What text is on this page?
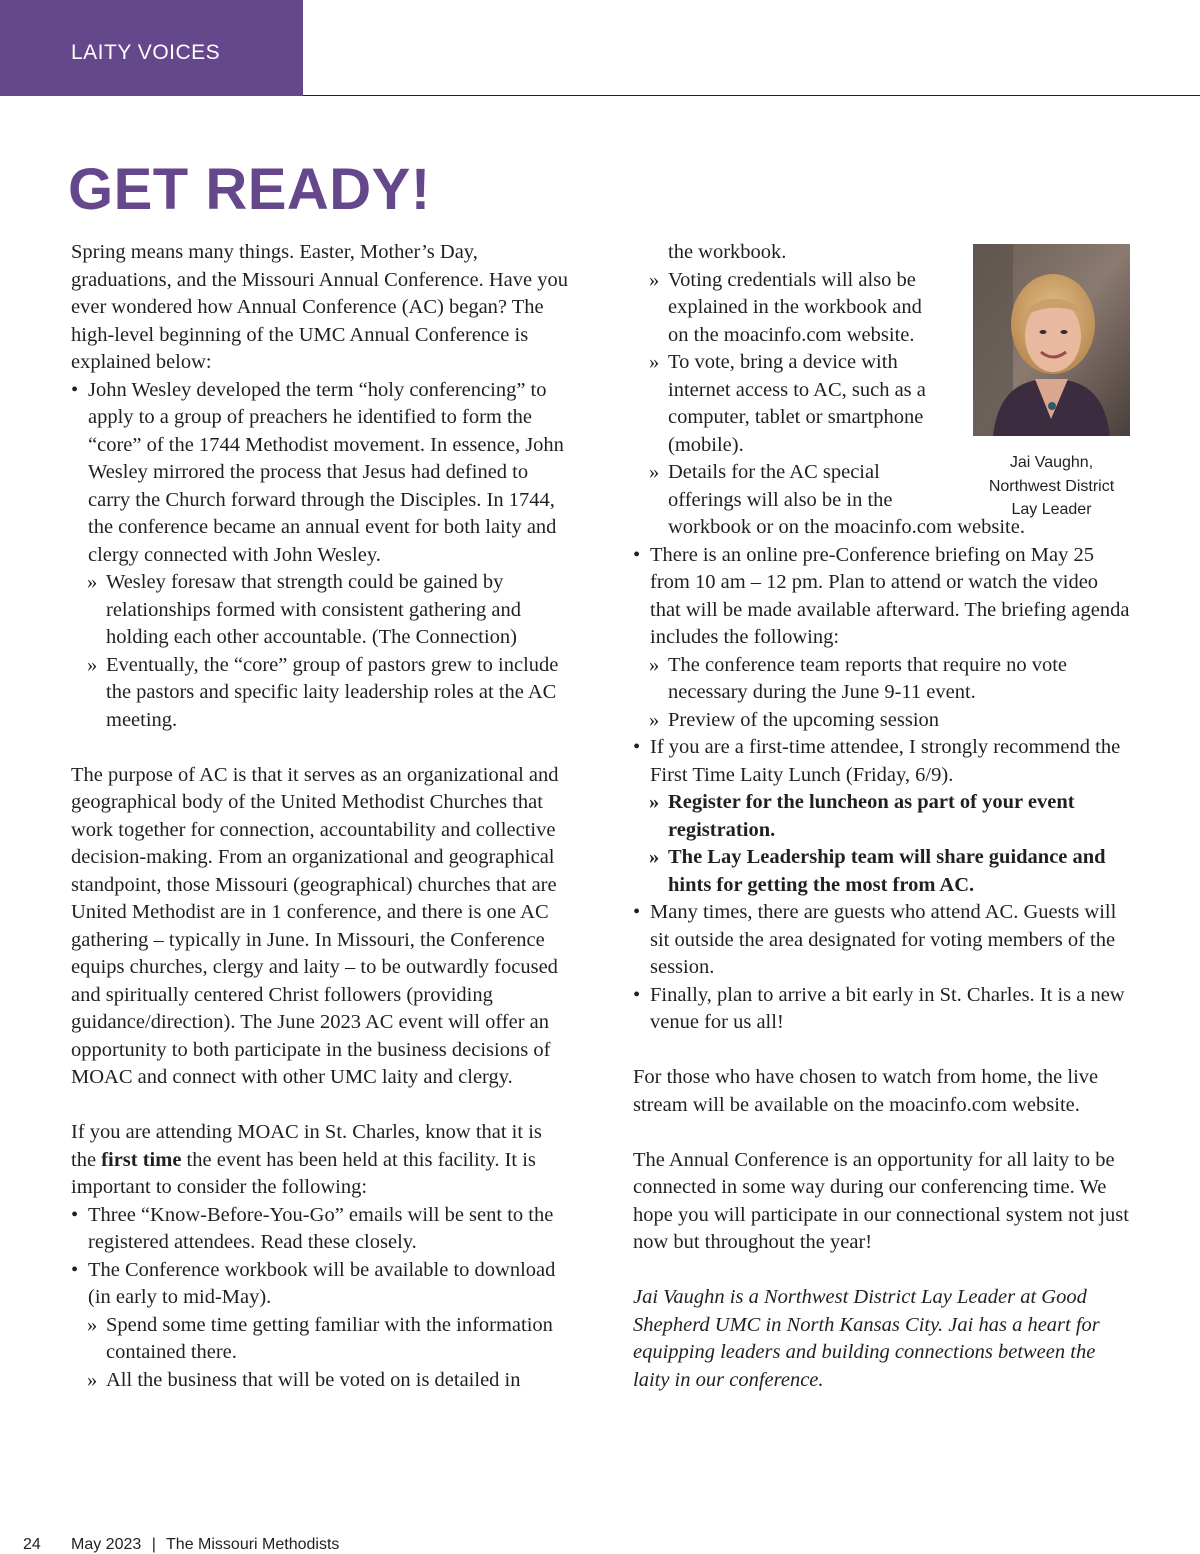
LAITY VOICES
GET READY!

Spring means many things. Easter, Mother’s Day, graduations, and the Missouri Annual Conference. Have you ever wondered how Annual Conference (AC) began? The high-level beginning of the UMC Annual Conference is explained below:

• John Wesley developed the term “holy conferencing” to apply to a group of preachers he identified to form the “core” of the 1744 Methodist movement. In essence, John Wesley mirrored the process that Jesus had defined to carry the Church forward through the Disciples. In 1744, the conference became an annual event for both laity and clergy connected with John Wesley.

» Wesley foresaw that strength could be gained by relationships formed with consistent gathering and holding each other accountable. (The Connection)

» Eventually, the “core” group of pastors grew to include the pastors and specific laity leadership roles at the AC meeting.

The purpose of AC is that it serves as an organizational and geographical body of the United Methodist Churches that work together for connection, accountability and collective decision-making. From an organizational and geographical standpoint, those Missouri (geographical) churches that are United Methodist are in 1 conference, and there is one AC gathering – typically in June. In Missouri, the Conference equips churches, clergy and laity – to be outwardly focused and spiritually centered Christ followers (providing guidance/direction). The June 2023 AC event will offer an opportunity to both participate in the business decisions of MOAC and connect with other UMC laity and clergy.

If you are attending MOAC in St. Charles, know that it is the first time the event has been held at this facility. It is important to consider the following:

• Three “Know-Before-You-Go” emails will be sent to the registered attendees. Read these closely.

• The Conference workbook will be available to download (in early to mid-May).

» Spend some time getting familiar with the information contained there.

» All the business that will be voted on is detailed in

the workbook.

» Voting credentials will also be explained in the workbook and on the moacinfo.com website.

» To vote, bring a device with internet access to AC, such as a computer, tablet or smartphone (mobile).

» Details for the AC special offerings will also be in the

workbook or on the moacinfo.com website.

• There is an online pre-Conference briefing on May 25 from 10 am – 12 pm. Plan to attend or watch the video that will be made available afterward. The briefing agenda includes the following:

» The conference team reports that require no vote necessary during the June 9-11 event.

» Preview of the upcoming session

• If you are a first-time attendee, I strongly recommend the First Time Laity Lunch (Friday, 6/9).

» Register for the luncheon as part of your event registration.

» The Lay Leadership team will share guidance and hints for getting the most from AC.

• Many times, there are guests who attend AC. Guests will sit outside the area designated for voting members of the session.

• Finally, plan to arrive a bit early in St. Charles. It is a new venue for us all!

For those who have chosen to watch from home, the live stream will be available on the moacinfo.com website.

The Annual Conference is an opportunity for all laity to be connected in some way during our conferencing time. We hope you will participate in our connectional system not just now but throughout the year!

Jai Vaughn is a Northwest District Lay Leader at Good Shepherd UMC in North Kansas City. Jai has a heart for equipping leaders and building connections between the laity in our conference.

Jai Vaughn,
Northwest District
Lay Leader
24 May 2023 | The Missouri Methodists
